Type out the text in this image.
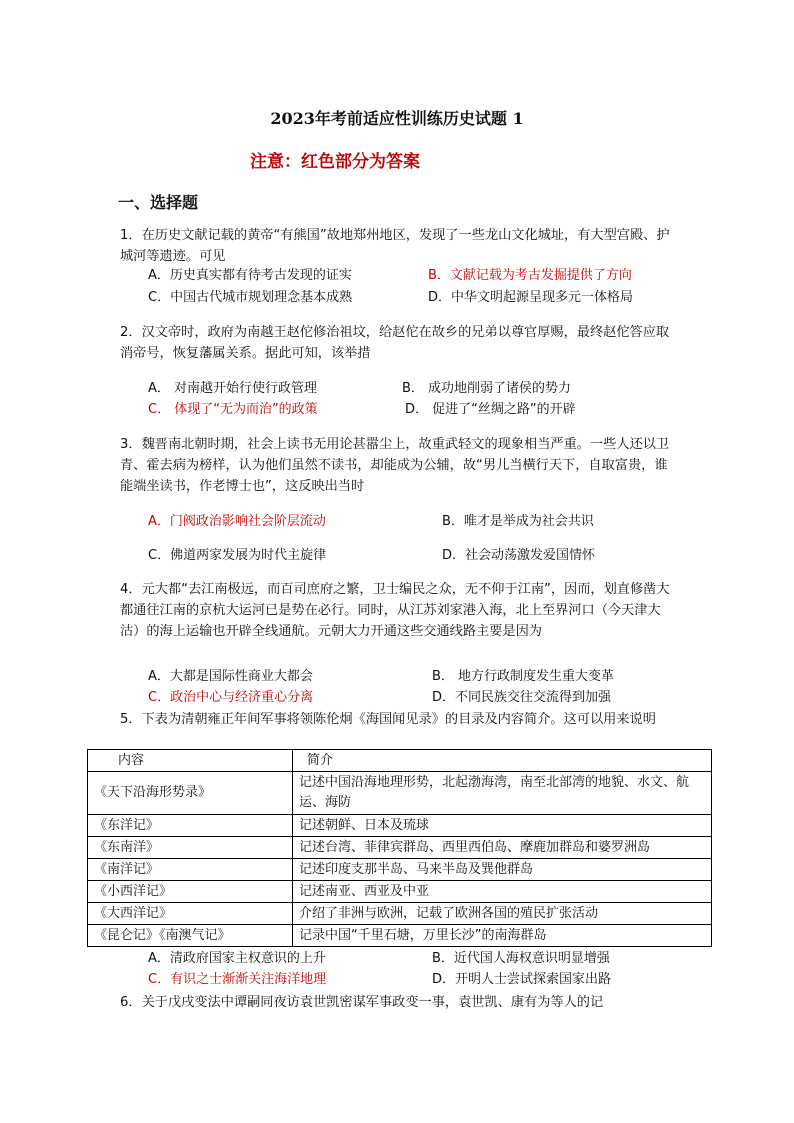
2023年考前适应性训练历史试题 1
注意：红色部分为答案
一、选择题
1．在历史文献记载的黄帝“有熊国”故地郑州地区，发现了一些龙山文化城址，有大型宫殿、护城河等遗迹。可见
A．历史真实都有待考古发现的证实	B．文献记载为考古发掘提供了方向
C．中国古代城市规划理念基本成熟	D．中华文明起源呈现多元一体格局
2．汉文帝时，政府为南越王赵佗修治祖坟，给赵佗在故乡的兄弟以尊官厚赐，最终赵佗答应取消帝号，恢复藩属关系。据此可知，该举措
A． 对南越开始行使行政管理	B． 成功地削弱了诸侯的势力
C． 体现了“无为而治”的政策	D． 促进了“丝绸之路”的开辟
3．魏晋南北朝时期，社会上读书无用论甚嚣尘上，故重武轻文的现象相当严重。一些人还以卫青、霍去病为榜样，认为他们虽然不读书，却能成为公辅，故“男儿当横行天下，自取富贵，谁能端坐读书，作老博士也”，这反映出当时
A．门阀政治影响社会阶层流动	B．唯才是举成为社会共识
C．佛道两家发展为时代主旋律	D．社会动荡激发爱国情怀
4．元大都“去江南极远，而百司庶府之繁，卫士编民之众，无不仰于江南”，因而，划直修凿大都通往江南的京杭大运河已是势在必行。同时，从江苏刘家港入海，北上至界河口（今天津大沽）的海上运输也开辟全线通航。元朝大力开通这些交通线路主要是因为
A．大都是国际性商业大都会	B． 地方行政制度发生重大变革
C．政治中心与经济重心分离	D．不同民族交往交流得到加强
5．下表为清朝雍正年间军事将领陈伦炯《海国闻见录》的目录及内容简介。这可以用来说明
内容	简介
《天下沿海形势录》	记述中国沿海地理形势，北起渤海湾，南至北部湾的地貌、水文、航运、海防
《东洋记》	记述朝鲜、日本及琉球
《东南洋》	记述台湾、菲律宾群岛、西里西伯岛、摩鹿加群岛和婆罗洲岛
《南洋记》	记述印度支那半岛、马来半岛及巽他群岛
《小西洋记》	记述南亚、西亚及中亚
《大西洋记》	介绍了非洲与欧洲，记载了欧洲各国的殖民扩张活动
《昆仑记》《南澳气记》	记录中国“千里石塘，万里长沙”的南海群岛
A．清政府国家主权意识的上升	B．近代国人海权意识明显增强
C．有识之士渐渐关注海洋地理	D．开明人士尝试探索国家出路
6．关于戊戌变法中谭嗣同夜访袁世凯密谋军事政变一事，袁世凯、康有为等人的记
